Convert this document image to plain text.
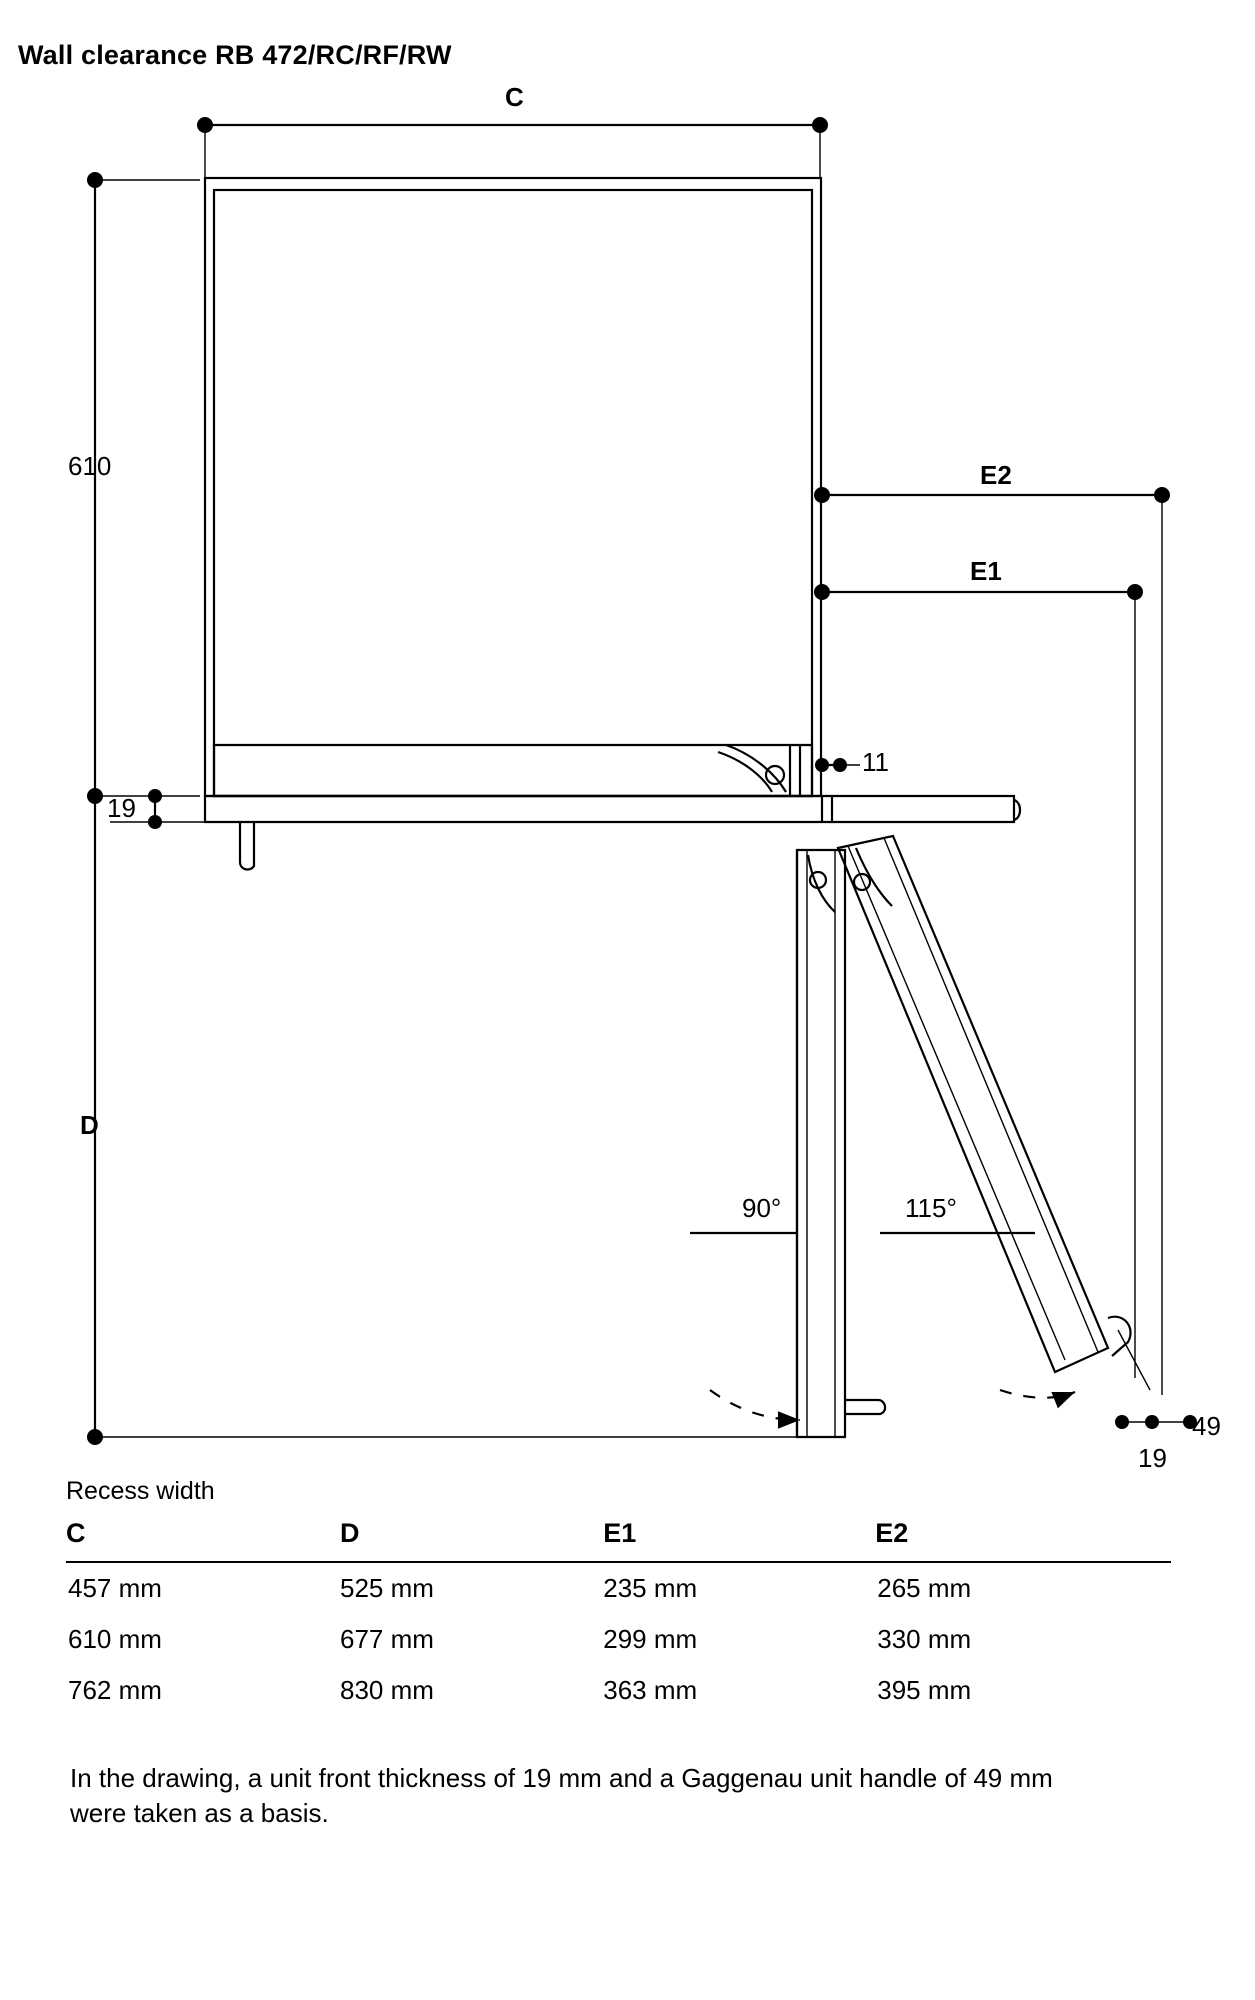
Wall clearance RB 472/RC/RF/RW
C
610
19
E2
E1
11
D
90°	115°
49
19
Recess width
C	D	E1	E2
457 mm	525 mm	235 mm	265 mm
610 mm	677 mm	299 mm	330 mm
762 mm	830 mm	363 mm	395 mm
In the drawing, a unit front thickness of 19 mm and a Gaggenau unit handle of 49 mm were taken as a basis.
